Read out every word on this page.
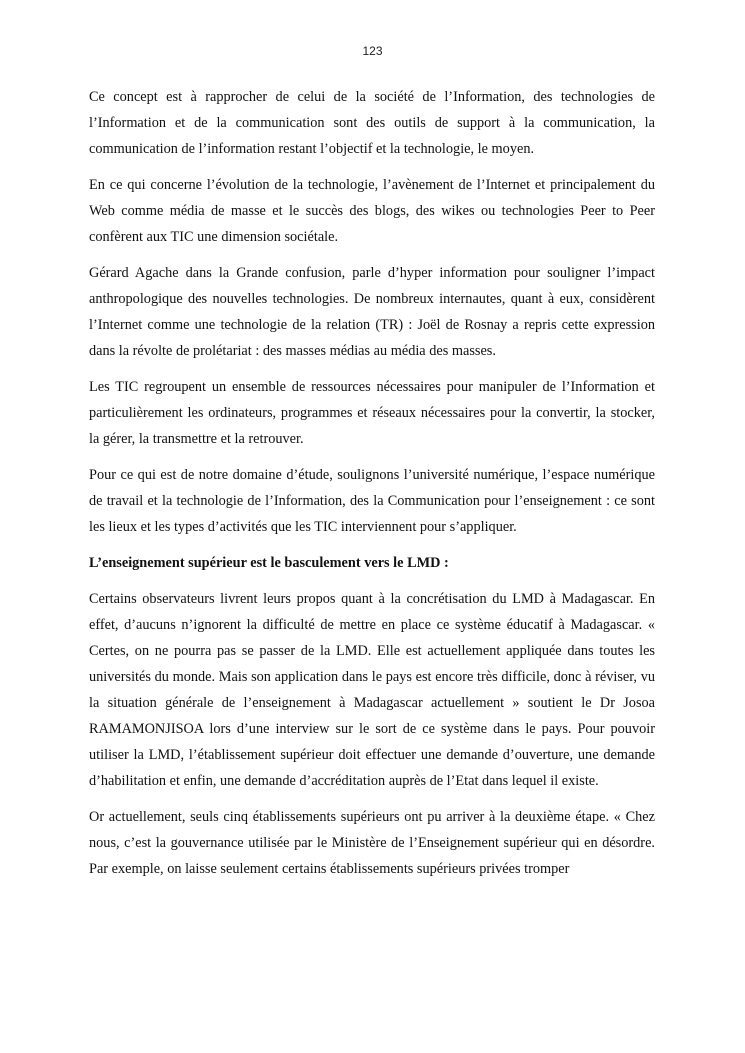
123

Ce concept est à rapprocher de celui de la société de l’Information, des technologies de l’Information et de la communication sont des outils de support à la communication, la communication de l’information restant l’objectif et la technologie, le moyen.

En ce qui concerne l’évolution de la technologie, l’avènement de l’Internet et principalement du Web comme média de masse et le succès des blogs, des wikes ou technologies Peer to Peer confèrent aux TIC une dimension sociétale.

Gérard Agache dans la Grande confusion, parle d’hyper information pour souligner l’impact anthropologique des nouvelles technologies. De nombreux internautes, quant à eux, considèrent l’Internet comme une technologie de la relation (TR) : Joël de Rosnay a repris cette expression dans la révolte de prolétariat : des masses médias au média des masses.

Les TIC regroupent un ensemble de ressources nécessaires pour manipuler de l’Information et particulièrement les ordinateurs, programmes et réseaux nécessaires pour la convertir, la stocker, la gérer, la transmettre et la retrouver.

Pour ce qui est de notre domaine d’étude, soulignons l’université numérique, l’espace numérique de travail et la technologie de l’Information, des la Communication pour l’enseignement : ce sont les lieux et les types d’activités que les TIC interviennent pour s’appliquer.

L’enseignement supérieur est le basculement vers le LMD :

Certains observateurs livrent leurs propos quant à la concrétisation du LMD à Madagascar. En effet, d’aucuns n’ignorent la difficulté de mettre en place ce système éducatif à Madagascar. « Certes, on ne pourra pas se passer de la LMD. Elle est actuellement appliquée dans toutes les universités du monde. Mais son application dans le pays est encore très difficile, donc à réviser, vu la situation générale de l’enseignement à Madagascar actuellement » soutient le Dr Josoa RAMAMONJISOA lors d’une interview sur le sort de ce système dans le pays. Pour pouvoir utiliser la LMD, l’établissement supérieur doit effectuer une demande d’ouverture, une demande d’habilitation et enfin, une demande d’accréditation auprès de l’Etat dans lequel il existe.

Or actuellement, seuls cinq établissements supérieurs ont pu arriver à la deuxième étape. « Chez nous, c’est la gouvernance utilisée par le Ministère de l’Enseignement supérieur qui en désordre. Par exemple, on laisse seulement certains établissements supérieurs privées tromper
